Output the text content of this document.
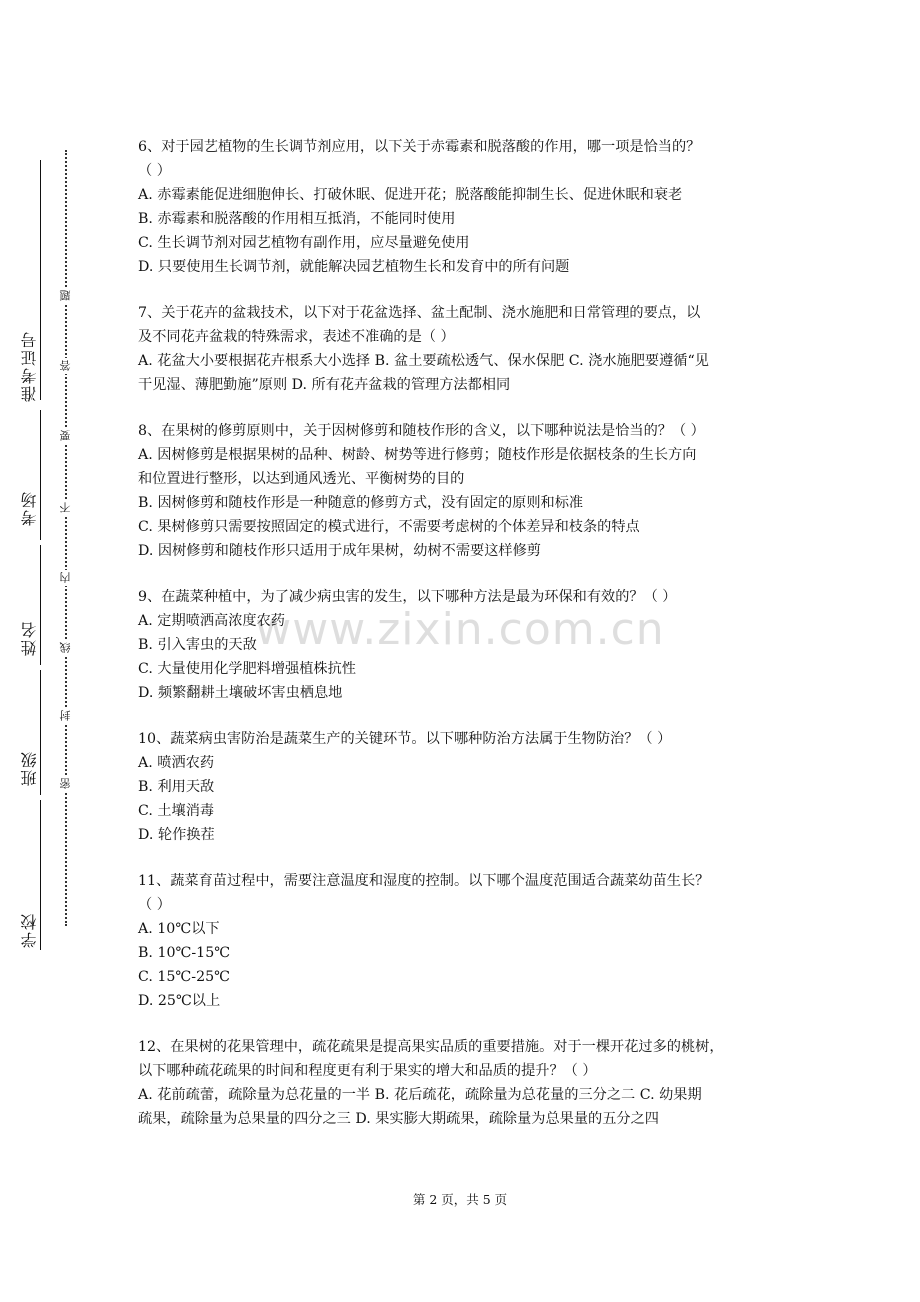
准考证号
考场
姓名
班级
学校
题
答
要
不
内
线
封
密
www.zixin.com.cn

6、对于园艺植物的生长调节剂应用，以下关于赤霉素和脱落酸的作用，哪一项是恰当的？

（ ）

A. 赤霉素能促进细胞伸长、打破休眠、促进开花；脱落酸能抑制生长、促进休眠和衰老

B. 赤霉素和脱落酸的作用相互抵消，不能同时使用

C. 生长调节剂对园艺植物有副作用，应尽量避免使用

D. 只要使用生长调节剂，就能解决园艺植物生长和发育中的所有问题

7、关于花卉的盆栽技术，以下对于花盆选择、盆土配制、浇水施肥和日常管理的要点，以

及不同花卉盆栽的特殊需求，表述不准确的是（ ）

A. 花盆大小要根据花卉根系大小选择 B. 盆土要疏松透气、保水保肥 C. 浇水施肥要遵循“见

干见湿、薄肥勤施”原则 D. 所有花卉盆栽的管理方法都相同

8、在果树的修剪原则中，关于因树修剪和随枝作形的含义，以下哪种说法是恰当的？（ ）

A. 因树修剪是根据果树的品种、树龄、树势等进行修剪；随枝作形是依据枝条的生长方向

和位置进行整形，以达到通风透光、平衡树势的目的

B. 因树修剪和随枝作形是一种随意的修剪方式，没有固定的原则和标准

C. 果树修剪只需要按照固定的模式进行，不需要考虑树的个体差异和枝条的特点

D. 因树修剪和随枝作形只适用于成年果树，幼树不需要这样修剪

9、在蔬菜种植中，为了减少病虫害的发生，以下哪种方法是最为环保和有效的？（ ）

A. 定期喷洒高浓度农药

B. 引入害虫的天敌

C. 大量使用化学肥料增强植株抗性

D. 频繁翻耕土壤破坏害虫栖息地

10、蔬菜病虫害防治是蔬菜生产的关键环节。以下哪种防治方法属于生物防治？（ ）

A. 喷洒农药

B. 利用天敌

C. 土壤消毒

D. 轮作换茬

11、蔬菜育苗过程中，需要注意温度和湿度的控制。以下哪个温度范围适合蔬菜幼苗生长？

（ ）

A. 10℃以下

B. 10℃-15℃

C. 15℃-25℃

D. 25℃以上

12、在果树的花果管理中，疏花疏果是提高果实品质的重要措施。对于一棵开花过多的桃树，

以下哪种疏花疏果的时间和程度更有利于果实的增大和品质的提升？（ ）

A. 花前疏蕾，疏除量为总花量的一半 B. 花后疏花，疏除量为总花量的三分之二 C. 幼果期

疏果，疏除量为总果量的四分之三 D. 果实膨大期疏果，疏除量为总果量的五分之四

第 2 页，共 5 页
